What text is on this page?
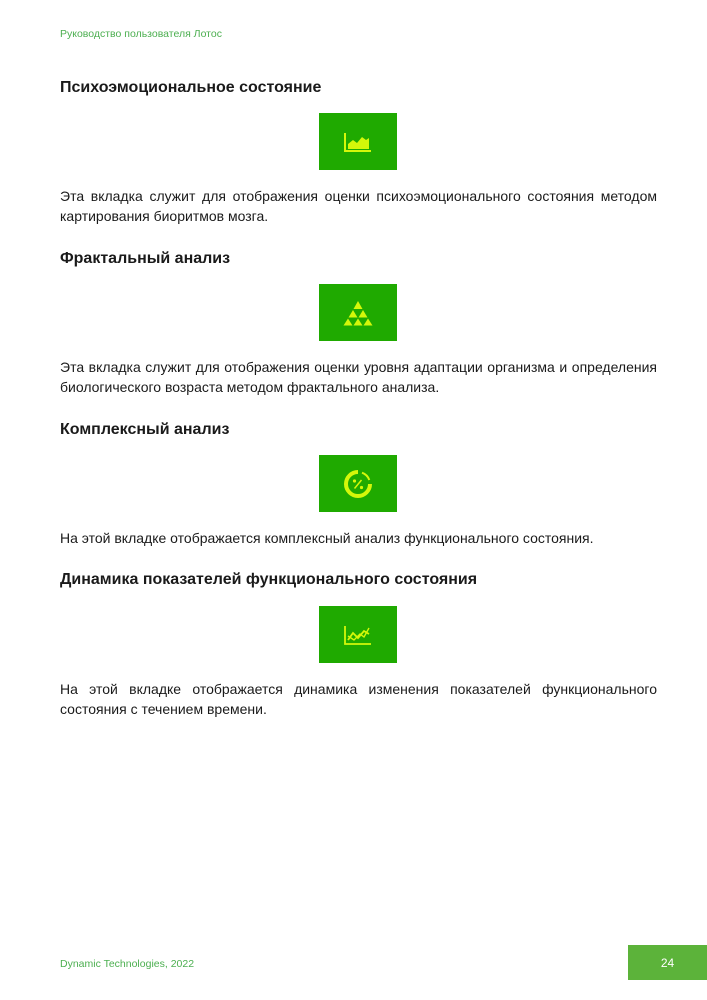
Руководство пользователя Лотос
Психоэмоциональное состояние
Эта вкладка служит для отображения оценки психоэмоционального состояния методом картирования биоритмов мозга.
Фрактальный анализ
Эта вкладка служит для отображения оценки уровня адаптации организма и определения биологического возраста методом фрактального анализа.
Комплексный анализ
На этой вкладке отображается комплексный анализ функционального состояния.
Динамика показателей функционального состояния
На этой вкладке отображается динамика изменения показателей функционального состояния с течением времени.
Dynamic Technologies, 2022	24
